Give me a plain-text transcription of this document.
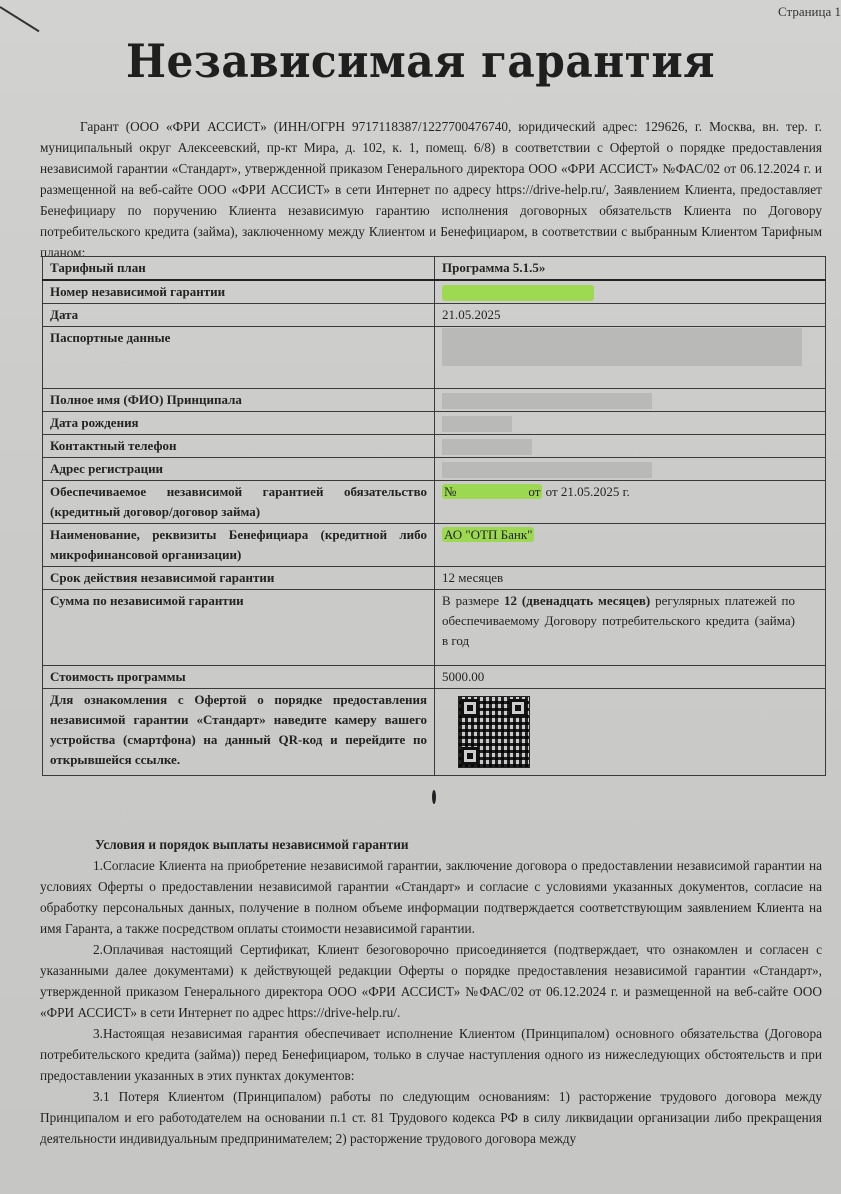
Страница 1
Независимая гарантия
Гарант (ООО «ФРИ АССИСТ» (ИНН/ОГРН 9717118387/1227700476740, юридический адрес: 129626, г. Москва, вн. тер. г. муниципальный округ Алексеевский, пр-кт Мира, д. 102, к. 1, помещ. 6/8) в соответствии с Офертой о порядке предоставления независимой гарантии «Стандарт», утвержденной приказом Генерального директора ООО «ФРИ АССИСТ» №ФАС/02 от 06.12.2024 г. и размещенной на веб-сайте ООО «ФРИ АССИСТ» в сети Интернет по адресу https://drive-help.ru/, Заявлением Клиента, предоставляет Бенефициару по поручению Клиента независимую гарантию исполнения договорных обязательств Клиента по Договору потребительского кредита (займа), заключенному между Клиентом и Бенефициаром, в соответствии с выбранным Клиентом Тарифным планом:
Тарифный план	Программа 5.1.5»
Номер независимой гарантии	
Дата	21.05.2025
Паспортные данные	
Полное имя (ФИО) Принципала	
Дата рождения	
Контактный телефон	
Адрес регистрации	
Обеспечиваемое независимой гарантией обязательство (кредитный договор/договор займа)	№ от от 21.05.2025 г.
Наименование, реквизиты Бенефициара (кредитной либо микрофинансовой организации)	АО "ОТП Банк"
Срок действия независимой гарантии	12 месяцев
Сумма по независимой гарантии	В размере 12 (двенадцать месяцев) регулярных платежей по обеспечиваемому Договору потребительского кредита (займа) в год
Стоимость программы	5000.00
Для ознакомления с Офертой о порядке предоставления независимой гарантии «Стандарт» наведите камеру вашего устройства (смартфона) на данный QR-код и перейдите по открывшейся ссылке.	
Условия и порядок выплаты независимой гарантии

1.Согласие Клиента на приобретение независимой гарантии, заключение договора о предоставлении независимой гарантии на условиях Оферты о предоставлении независимой гарантии «Стандарт» и согласие с условиями указанных документов, согласие на обработку персональных данных, получение в полном объеме информации подтверждается соответствующим заявлением Клиента на имя Гаранта, а также посредством оплаты стоимости независимой гарантии.

2.Оплачивая настоящий Сертификат, Клиент безоговорочно присоединяется (подтверждает, что ознакомлен и согласен с указанными далее документами) к действующей редакции Оферты о порядке предоставления независимой гарантии «Стандарт», утвержденной приказом Генерального директора ООО «ФРИ АССИСТ» №ФАС/02 от 06.12.2024 г. и размещенной на веб-сайте ООО «ФРИ АССИСТ» в сети Интернет по адрес https://drive-help.ru/.

3.Настоящая независимая гарантия обеспечивает исполнение Клиентом (Принципалом) основного обязательства (Договора потребительского кредита (займа)) перед Бенефициаром, только в случае наступления одного из нижеследующих обстоятельств и при предоставлении указанных в этих пунктах документов:

3.1 Потеря Клиентом (Принципалом) работы по следующим основаниям: 1) расторжение трудового договора между Принципалом и его работодателем на основании п.1 ст. 81 Трудового кодекса РФ в силу ликвидации организации либо прекращения деятельности индивидуальным предпринимателем; 2) расторжение трудового договора между
